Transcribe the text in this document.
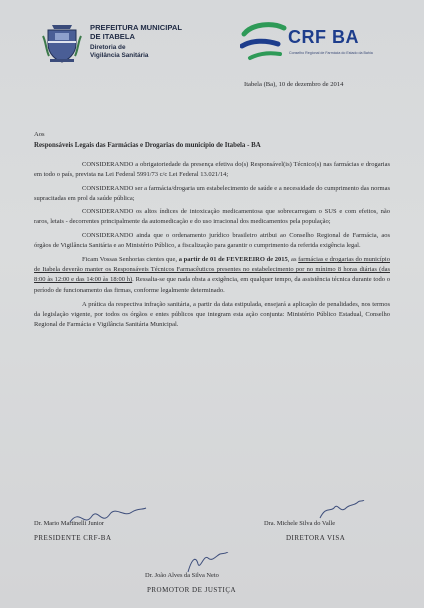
PREFEITURA MUNICIPAL
DE ITABELA
Diretoria de
Vigilância Sanitária
CRF BA
Conselho Regional de Farmácia do Estado da Bahia
Itabela (Ba), 10 de dezembro de 2014
Aos
Responsáveis Legais das Farmácias e Drogarias do município de Itabela - BA

CONSIDERANDO a obrigatoriedade da presença efetiva do(s) Responsável(is) Técnico(s) nas farmácias e drogarias em todo o país, prevista na Lei Federal 5991/73 c/c Lei Federal 13.021/14;

CONSIDERANDO ser a farmácia/drogaria um estabelecimento de saúde e a necessidade do cumprimento das normas supracitadas em prol da saúde pública;

CONSIDERANDO os altos índices de intoxicação medicamentosa que sobrecarregam o SUS e com efeitos, não raros, letais - decorrentes principalmente da automedicação e do uso irracional dos medicamentos pela população;

CONSIDERANDO ainda que o ordenamento jurídico brasileiro atribui ao Conselho Regional de Farmácia, aos órgãos de Vigilância Sanitária e ao Ministério Público, a fiscalização para garantir o cumprimento da referida exigência legal.

Ficam Vossas Senhorias cientes que, a partir de 01 de FEVEREIRO de 2015, as farmácias e drogarias do município de Itabela deverão manter os Responsáveis Técnicos Farmacêuticos presentes no estabelecimento por no mínimo 8 horas diárias (das 8:00 às 12:00 e das 14:00 às 18:00 h). Ressalta-se que nada obsta a exigência, em qualquer tempo, da assistência técnica durante todo o período de funcionamento das firmas, conforme legalmente determinado.

A prática da respectiva infração sanitária, a partir da data estipulada, ensejará a aplicação de penalidades, nos termos da legislação vigente, por todos os órgãos e entes públicos que integram esta ação conjunta: Ministério Público Estadual, Conselho Regional de Farmácia e Vigilância Sanitária Municipal.

Dr. Mario Martinelli Junior
PRESIDENTE CRF-BA
Dra. Michele Silva do Valle
DIRETORA VISA
Dr. João Alves da Silva Neto
PROMOTOR DE JUSTIÇA
